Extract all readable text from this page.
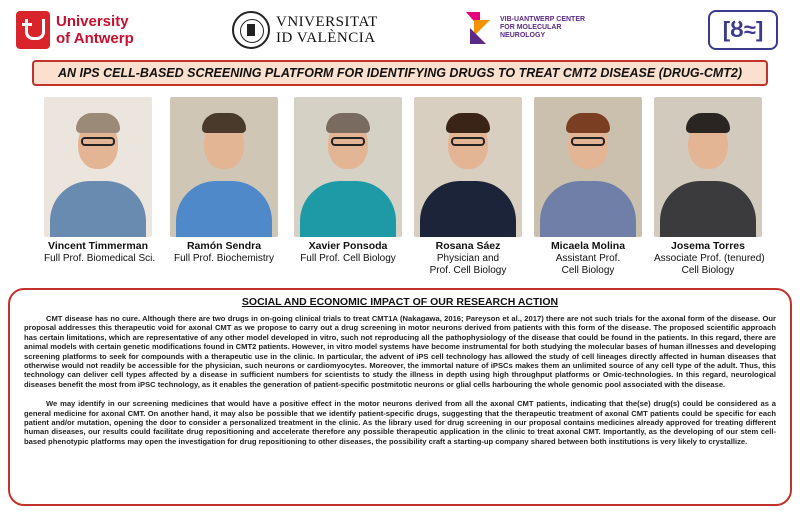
University
of Antwerp
VNIVERSITAT
ID VALÈNCIA
VIB-UANTWERP CENTER
FOR MOLECULAR
NEUROLOGY	[ȣ≈]
AN IPS CELL-BASED SCREENING PLATFORM FOR IDENTIFYING DRUGS TO TREAT CMT2 DISEASE (DRUG-CMT2)
Vincent Timmerman
Full Prof. Biomedical Sci.
Ramón Sendra
Full Prof. Biochemistry
Xavier Ponsoda
Full Prof. Cell Biology
Rosana Sáez
Physician and
Prof. Cell Biology
Micaela Molina
Assistant Prof.
Cell Biology
Josema Torres
Associate Prof. (tenured)
Cell Biology
SOCIAL AND ECONOMIC IMPACT OF OUR RESEARCH ACTION

CMT disease has no cure. Although there are two drugs in on-going clinical trials to treat CMT1A (Nakagawa, 2016; Pareyson et al., 2017) there are not such trials for the axonal form of the disease. Our proposal addresses this therapeutic void for axonal CMT as we propose to carry out a drug screening in motor neurons derived from patients with this form of the disease. The proposed scientific approach has certain limitations, which are representative of any other model developed in vitro, such not reproducing all the pathophysiology of the disease that could be found in the patients. In this regard, there are animal models with certain genetic modifications found in CMT2 patients. However, in vitro model systems have become instrumental for both studying the molecular bases of human illnesses and developing screening platforms to seek for compounds with a therapeutic use in the clinic. In particular, the advent of iPS cell technology has allowed the study of cell lineages directly affected in human diseases that otherwise would not readily be accessible for the physician, such neurons or cardiomyocytes. Moreover, the immortal nature of iPSCs makes them an unlimited source of any cell type of the adult. Thus, this technology can deliver cell types affected by a disease in sufficient numbers for scientists to study the illness in depth using high throughput platforms or Omic-technologies. In this regard, neurological diseases benefit the most from iPSC technology, as it enables the generation of patient-specific postmitotic neurons or glial cells harbouring the whole genomic pool associated with the disease.

We may identify in our screening medicines that would have a positive effect in the motor neurons derived from all the axonal CMT patients, indicating that the(se) drug(s) could be considered as a general medicine for axonal CMT. On another hand, it may also be possible that we identify patient-specific drugs, suggesting that the therapeutic treatment of axonal CMT patients could be specific for each patient and/or mutation, opening the door to consider a personalized treatment in the clinic. As the library used for drug screening in our proposal contains medicines already approved for treating different human diseases, our results could facilitate drug repositioning and accelerate therefore any possible therapeutic application in the clinic to treat axonal CMT. Importantly, as the developing of our stem cell-based phenotypic platforms may open the investigation for drug repositioning to other diseases, the possibility craft a starting-up company shared between both institutions is very likely to crystallize.
